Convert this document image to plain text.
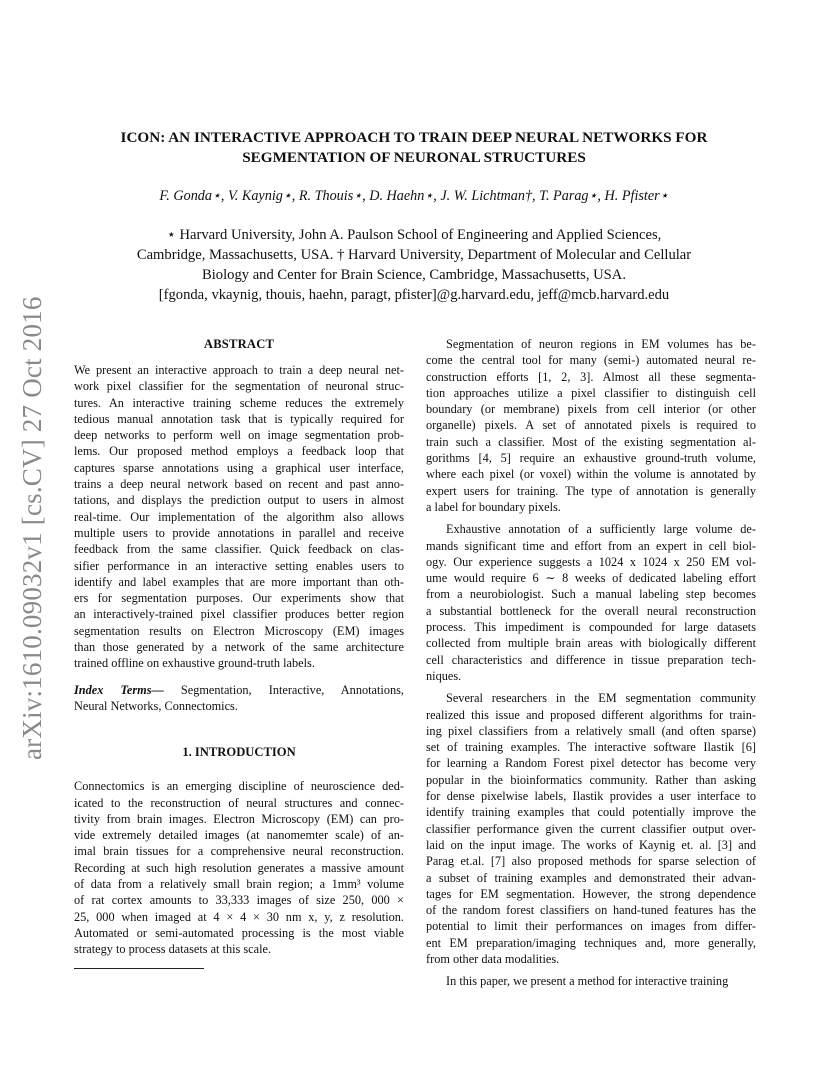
arXiv:1610.09032v1 [cs.CV] 27 Oct 2016
ICON: AN INTERACTIVE APPROACH TO TRAIN DEEP NEURAL NETWORKS FOR
SEGMENTATION OF NEURONAL STRUCTURES
F. Gonda⋆, V. Kaynig⋆, R. Thouis⋆, D. Haehn⋆, J. W. Lichtman†, T. Parag⋆, H. Pfister⋆
⋆ Harvard University, John A. Paulson School of Engineering and Applied Sciences,
Cambridge, Massachusetts, USA. † Harvard University, Department of Molecular and Cellular
Biology and Center for Brain Science, Cambridge, Massachusetts, USA.
[fgonda, vkaynig, thouis, haehn, paragt, pfister]@g.harvard.edu, jeff@mcb.harvard.edu
ABSTRACT
We present an interactive approach to train a deep neural net-
work pixel classifier for the segmentation of neuronal struc-
tures. An interactive training scheme reduces the extremely
tedious manual annotation task that is typically required for
deep networks to perform well on image segmentation prob-
lems. Our proposed method employs a feedback loop that
captures sparse annotations using a graphical user interface,
trains a deep neural network based on recent and past anno-
tations, and displays the prediction output to users in almost
real-time. Our implementation of the algorithm also allows
multiple users to provide annotations in parallel and receive
feedback from the same classifier. Quick feedback on clas-
sifier performance in an interactive setting enables users to
identify and label examples that are more important than oth-
ers for segmentation purposes. Our experiments show that
an interactively-trained pixel classifier produces better region
segmentation results on Electron Microscopy (EM) images
than those generated by a network of the same architecture
trained offline on exhaustive ground-truth labels.
Index Terms— Segmentation, Interactive, Annotations,
Neural Networks, Connectomics.
1. INTRODUCTION
Connectomics is an emerging discipline of neuroscience ded-
icated to the reconstruction of neural structures and connec-
tivity from brain images. Electron Microscopy (EM) can pro-
vide extremely detailed images (at nanomemter scale) of an-
imal brain tissues for a comprehensive neural reconstruction.
Recording at such high resolution generates a massive amount
of data from a relatively small brain region; a 1mm³ volume
of rat cortex amounts to 33,333 images of size 250, 000 ×
25, 000 when imaged at 4 × 4 × 30 nm x, y, z resolution.
Automated or semi-automated processing is the most viable
strategy to process datasets at this scale.
Segmentation of neuron regions in EM volumes has be-
come the central tool for many (semi-) automated neural re-
construction efforts [1, 2, 3]. Almost all these segmenta-
tion approaches utilize a pixel classifier to distinguish cell
boundary (or membrane) pixels from cell interior (or other
organelle) pixels. A set of annotated pixels is required to
train such a classifier. Most of the existing segmentation al-
gorithms [4, 5] require an exhaustive ground-truth volume,
where each pixel (or voxel) within the volume is annotated by
expert users for training. The type of annotation is generally
a label for boundary pixels.
Exhaustive annotation of a sufficiently large volume de-
mands significant time and effort from an expert in cell biol-
ogy. Our experience suggests a 1024 x 1024 x 250 EM vol-
ume would require 6 ∼ 8 weeks of dedicated labeling effort
from a neurobiologist. Such a manual labeling step becomes
a substantial bottleneck for the overall neural reconstruction
process. This impediment is compounded for large datasets
collected from multiple brain areas with biologically different
cell characteristics and difference in tissue preparation tech-
niques.
Several researchers in the EM segmentation community
realized this issue and proposed different algorithms for train-
ing pixel classifiers from a relatively small (and often sparse)
set of training examples. The interactive software Ilastik [6]
for learning a Random Forest pixel detector has become very
popular in the bioinformatics community. Rather than asking
for dense pixelwise labels, Ilastik provides a user interface to
identify training examples that could potentially improve the
classifier performance given the current classifier output over-
laid on the input image. The works of Kaynig et. al. [3] and
Parag et.al. [7] also proposed methods for sparse selection of
a subset of training examples and demonstrated their advan-
tages for EM segmentation. However, the strong dependence
of the random forest classifiers on hand-tuned features has the
potential to limit their performances on images from differ-
ent EM preparation/imaging techniques and, more generally,
from other data modalities.
In this paper, we present a method for interactive training
